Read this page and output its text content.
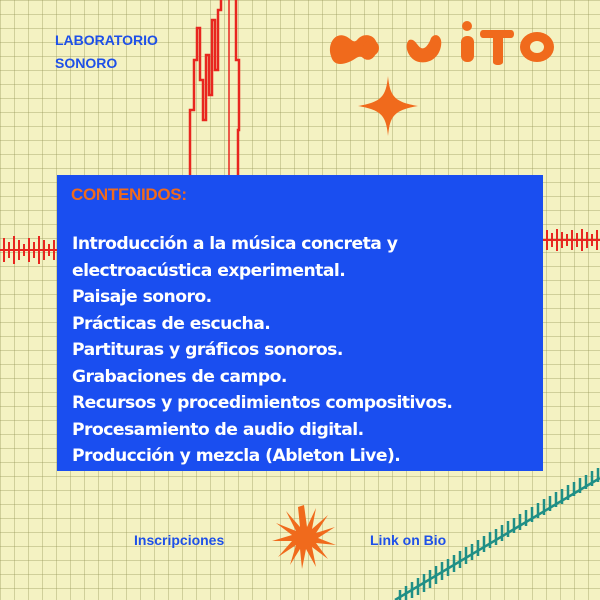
LABORATORIO
SONORO
CONTENIDOS:
Introducción a la música concreta y
electroacústica experimental.
Paisaje sonoro.
Prácticas de escucha.
Partituras y gráficos sonoros.
Grabaciones de campo.
Recursos y procedimientos compositivos.
Procesamiento de audio digital.
Producción y mezcla (Ableton Live).
Inscripciones	Link on Bio
